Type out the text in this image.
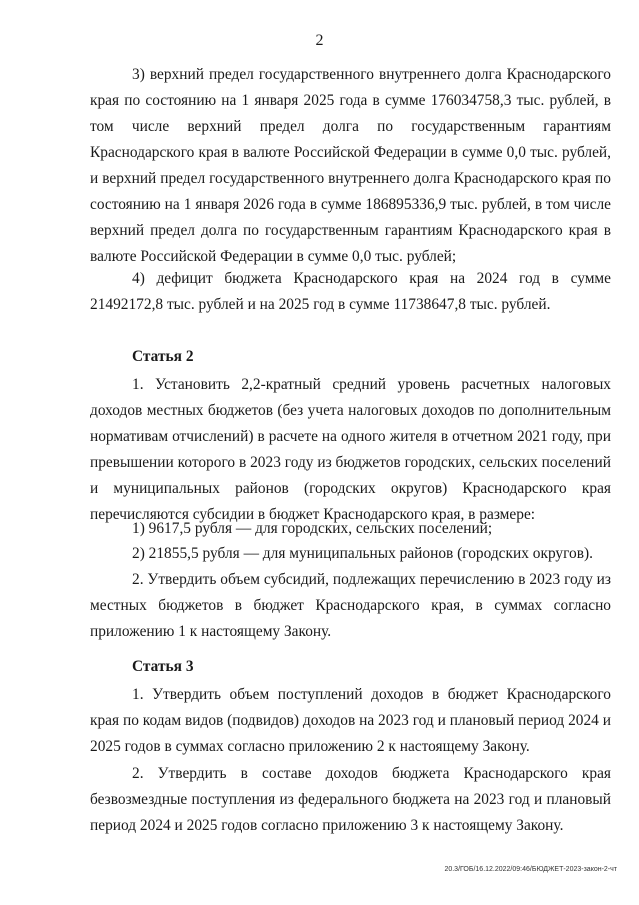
2

3) верхний предел государственного внутреннего долга Краснодарского края по состоянию на 1 января 2025 года в сумме 176034758,3 тыс. рублей, в том числе верхний предел долга по государственным гарантиям Краснодарского края в валюте Российской Федерации в сумме 0,0 тыс. рублей, и верхний предел государственного внутреннего долга Краснодарского края по состоянию на 1 января 2026 года в сумме 186895336,9 тыс. рублей, в том числе верхний предел долга по государственным гарантиям Краснодарского края в валюте Российской Федерации в сумме 0,0 тыс. рублей;

4) дефицит бюджета Краснодарского края на 2024 год в сумме 21492172,8 тыс. рублей и на 2025 год в сумме 11738647,8 тыс. рублей.

Статья 2

1. Установить 2,2-кратный средний уровень расчетных налоговых доходов местных бюджетов (без учета налоговых доходов по дополнительным нормативам отчислений) в расчете на одного жителя в отчетном 2021 году, при превышении которого в 2023 году из бюджетов городских, сельских поселений и муниципальных районов (городских округов) Краснодарского края перечисляются субсидии в бюджет Краснодарского края, в размере:

1) 9617,5 рубля — для городских, сельских поселений;

2) 21855,5 рубля — для муниципальных районов (городских округов).

2. Утвердить объем субсидий, подлежащих перечислению в 2023 году из местных бюджетов в бюджет Краснодарского края, в суммах согласно приложению 1 к настоящему Закону.

Статья 3

1. Утвердить объем поступлений доходов в бюджет Краснодарского края по кодам видов (подвидов) доходов на 2023 год и плановый период 2024 и 2025 годов в суммах согласно приложению 2 к настоящему Закону.

2. Утвердить в составе доходов бюджета Краснодарского края безвозмездные поступления из федерального бюджета на 2023 год и плановый период 2024 и 2025 годов согласно приложению 3 к настоящему Закону.

20.3/ГОБ/16.12.2022/09:46/БЮДЖЕТ-2023-закон-2-чт
